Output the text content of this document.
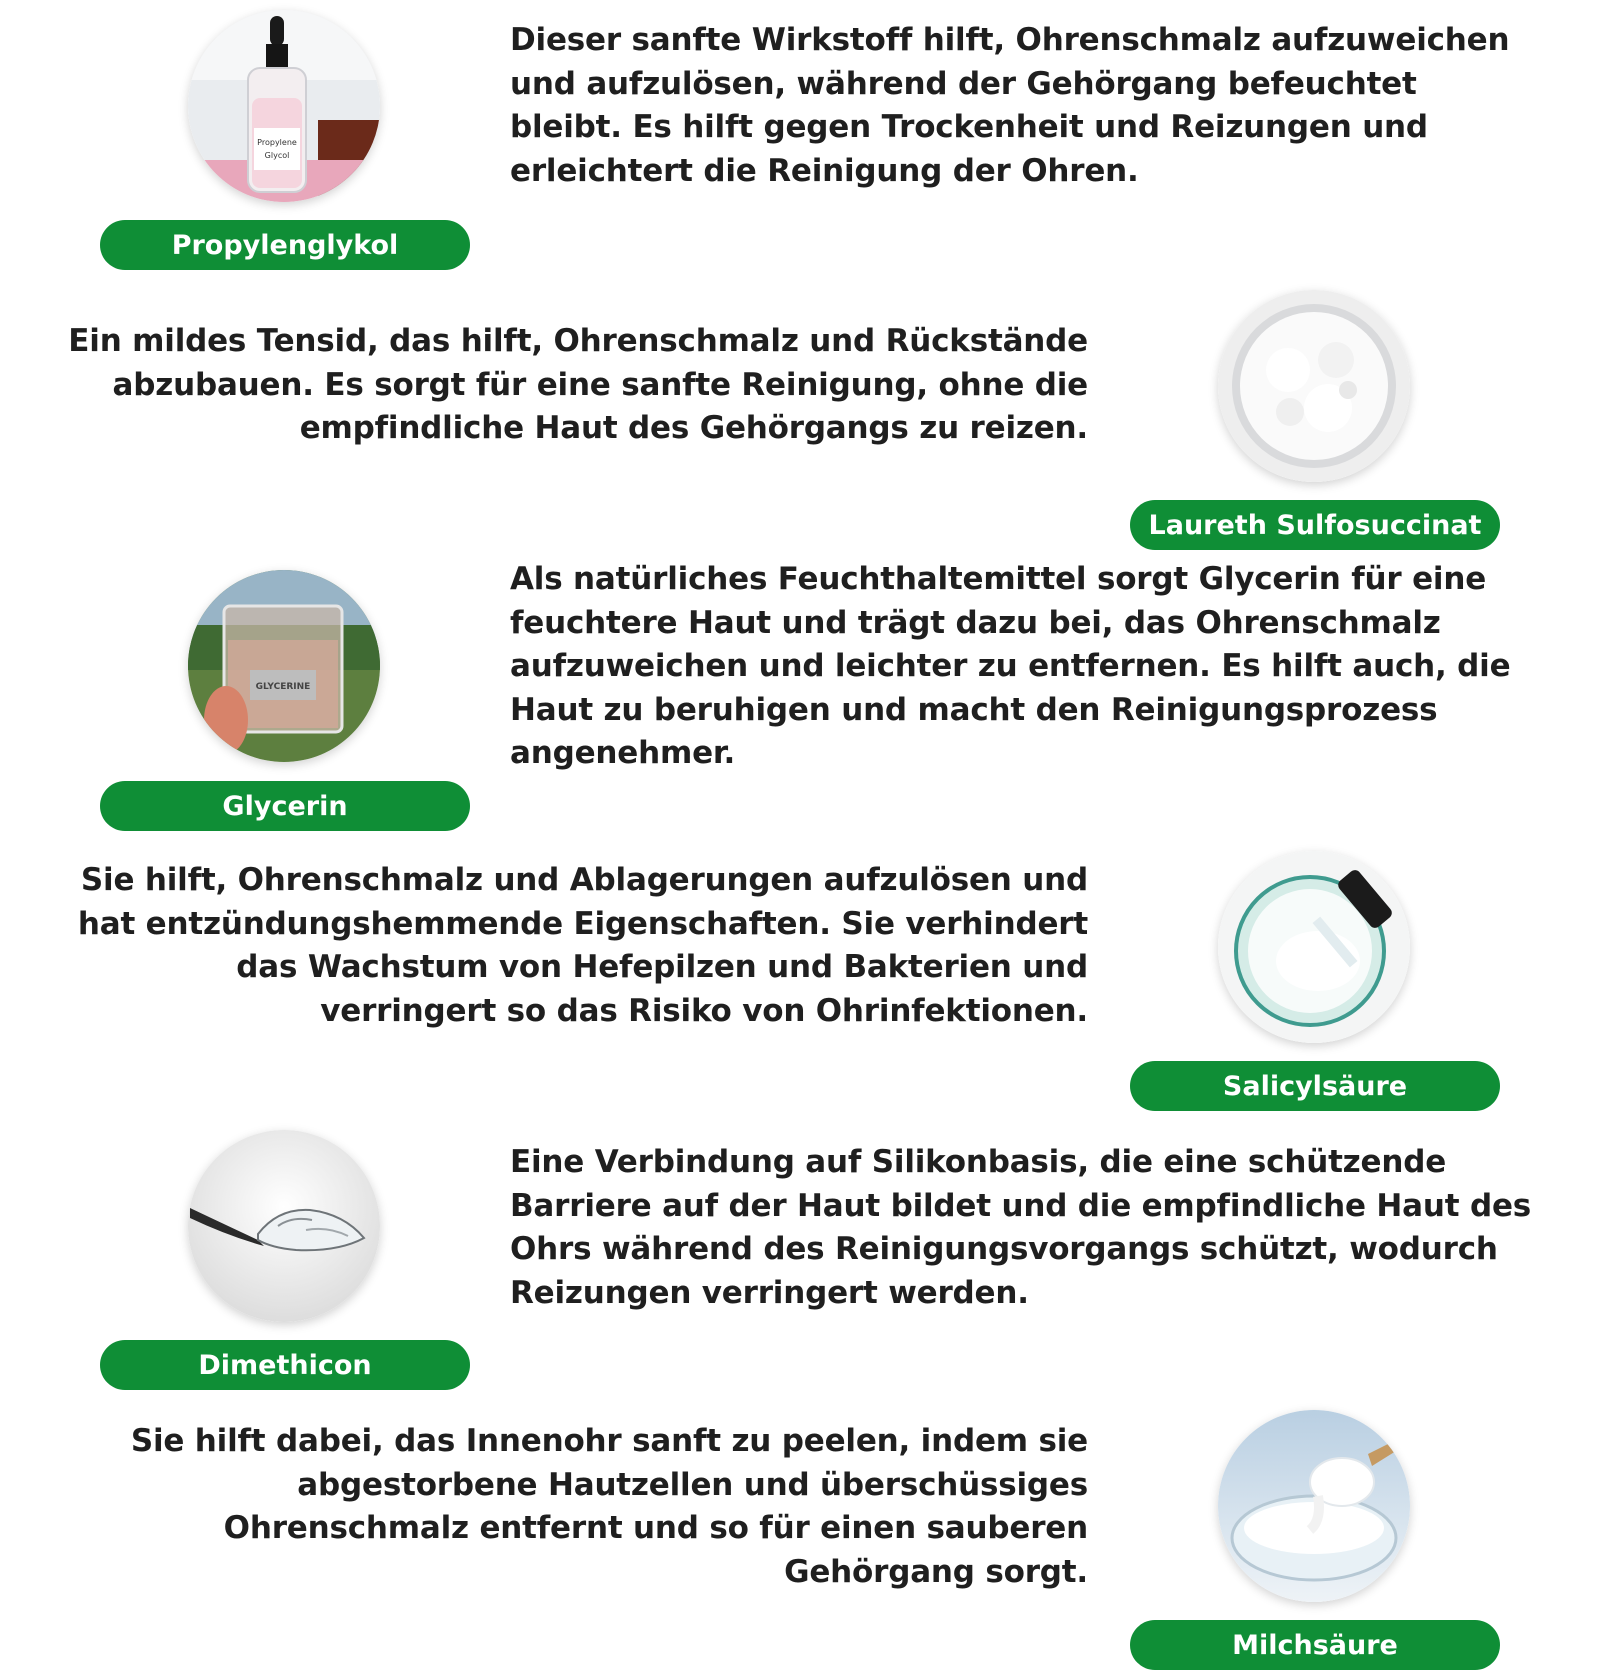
Propylene
Glycol
Propylenglykol
Dieser sanfte Wirkstoff hilft, Ohrenschmalz aufzuweichen
und aufzulösen, während der Gehörgang befeuchtet
bleibt. Es hilft gegen Trockenheit und Reizungen und
erleichtert die Reinigung der Ohren.
Ein mildes Tensid, das hilft, Ohrenschmalz und Rückstände
abzubauen. Es sorgt für eine sanfte Reinigung, ohne die
empfindliche Haut des Gehörgangs zu reizen.
Laureth Sulfosuccinat
GLYCERINE
Glycerin
Als natürliches Feuchthaltemittel sorgt Glycerin für eine
feuchtere Haut und trägt dazu bei, das Ohrenschmalz
aufzuweichen und leichter zu entfernen. Es hilft auch, die
Haut zu beruhigen und macht den Reinigungsprozess
angenehmer.
Sie hilft, Ohrenschmalz und Ablagerungen aufzulösen und
hat entzündungshemmende Eigenschaften. Sie verhindert
das Wachstum von Hefepilzen und Bakterien und
verringert so das Risiko von Ohrinfektionen.
Salicylsäure
Dimethicon
Eine Verbindung auf Silikonbasis, die eine schützende
Barriere auf der Haut bildet und die empfindliche Haut des
Ohrs während des Reinigungsvorgangs schützt, wodurch
Reizungen verringert werden.
Sie hilft dabei, das Innenohr sanft zu peelen, indem sie
abgestorbene Hautzellen und überschüssiges
Ohrenschmalz entfernt und so für einen sauberen
Gehörgang sorgt.
Milchsäure
